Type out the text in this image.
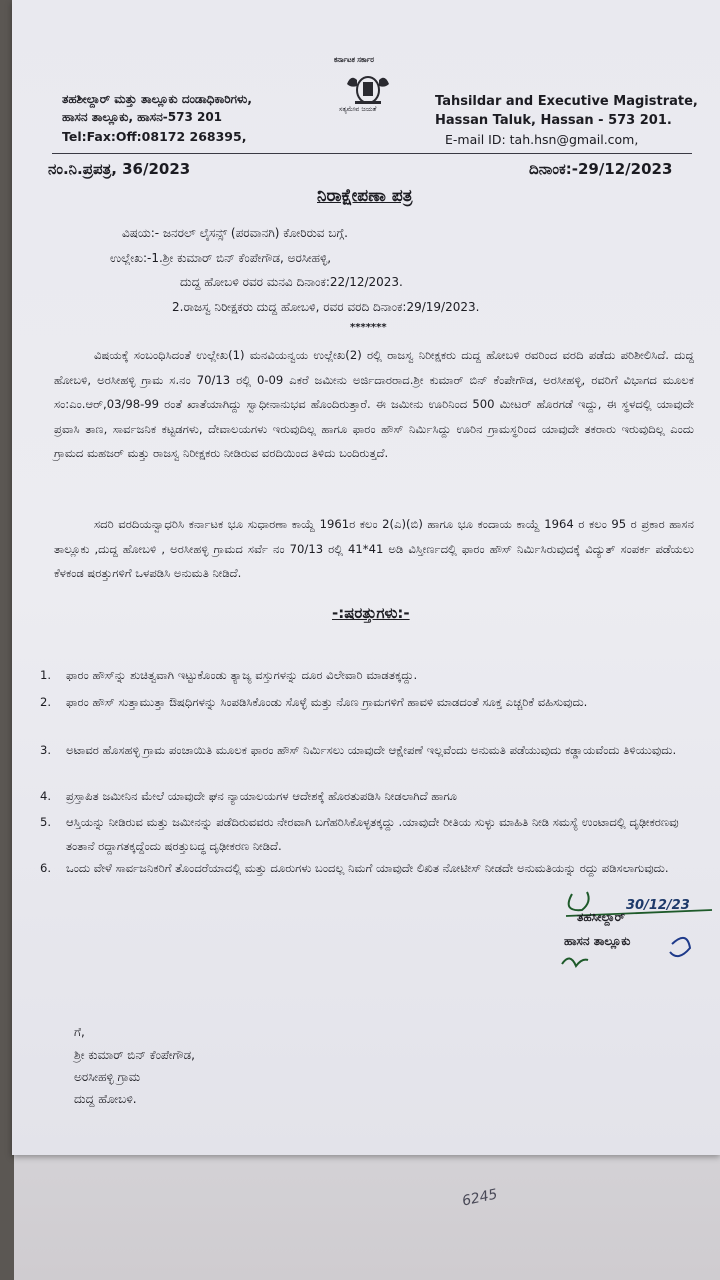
ತಹಶೀಲ್ದಾರ್ ಮತ್ತು ತಾಲ್ಲೂಕು ದಂಡಾಧಿಕಾರಿಗಳು,
ಹಾಸನ ತಾಲ್ಲೂಕು, ಹಾಸನ-573 201
Tel:Fax:Off:08172 268395,
ಕರ್ನಾಟಕ ಸರ್ಕಾರ
ಸತ್ಯಮೇವ ಜಯತೆ	Tahsildar and Executive Magistrate,
Hassan Taluk, Hassan - 573 201.
E-mail ID: tah.hsn@gmail.com,
ನಂ.ನಿ.ಪ್ರಪತ್ರ, 36/2023	ದಿನಾಂಕ:-29/12/2023
ನಿರಾಕ್ಷೇಪಣಾ ಪತ್ರ
ವಿಷಯ:- ಜನರಲ್ ಲೈಸನ್ಸ್ (ಪರವಾನಗಿ) ಕೋರಿರುವ ಬಗ್ಗೆ.
ಉಲ್ಲೇಖ:-1.ಶ್ರೀ ಕುಮಾರ್ ಬಿನ್ ಕೆಂಪೇಗೌಡ, ಅರಸೀಹಳ್ಳಿ,
ದುದ್ದ ಹೋಬಳಿ ರವರ ಮನವಿ ದಿನಾಂಕ:22/12/2023.
2.ರಾಜಸ್ವ ನಿರೀಕ್ಷಕರು ದುದ್ದ ಹೋಬಳಿ, ರವರ ವರದಿ ದಿನಾಂಕ:29/19/2023.
*******
ವಿಷಯಕ್ಕೆ ಸಂಬಂಧಿಸಿದಂತೆ ಉಲ್ಲೇಖ(1) ಮನವಿಯನ್ವಯ ಉಲ್ಲೇಖ(2) ರಲ್ಲಿ ರಾಜಸ್ವ ನಿರೀಕ್ಷಕರು ದುದ್ದ ಹೋಬಳಿ ರವರಿಂದ ವರದಿ ಪಡೆದು ಪರಿಶೀಲಿಸಿದೆ. ದುದ್ದ ಹೋಬಳಿ, ಅರಸೀಹಳ್ಳಿ ಗ್ರಾಮ ಸ.ನಂ 70/13 ರಲ್ಲಿ 0-09 ಎಕರೆ ಜಮೀನು ಅರ್ಜಿದಾರರಾದ.ಶ್ರೀ ಕುಮಾರ್ ಬಿನ್ ಕೆಂಪೇಗೌಡ, ಅರಸೀಹಳ್ಳಿ, ರವರಿಗೆ ವಿಭಾಗದ ಮೂಲಕ ಸಂ:ಎಂ.ಆರ್,03/98-99 ರಂತೆ ಖಾತೆಯಾಗಿದ್ದು ಸ್ವಾಧೀನಾನುಭವ ಹೊಂದಿರುತ್ತಾರೆ. ಈ ಜಮೀನು ಊರಿನಿಂದ 500 ಮೀಟರ್ ಹೊರಗಡೆ ಇದ್ದು, ಈ ಸ್ಥಳದಲ್ಲಿ ಯಾವುದೇ ಪ್ರವಾಸಿ ತಾಣ, ಸಾರ್ವಜನಿಕ ಕಟ್ಟಡಗಳು, ದೇವಾಲಯಗಳು ಇರುವುದಿಲ್ಲ ಹಾಗೂ ಫಾರಂ ಹೌಸ್ ನಿರ್ಮಿಸಿದ್ದು ಊರಿನ ಗ್ರಾಮಸ್ಥರಿಂದ ಯಾವುದೇ ತಕರಾರು ಇರುವುದಿಲ್ಲ ಎಂದು ಗ್ರಾಮದ ಮಹಜರ್ ಮತ್ತು ರಾಜಸ್ವ ನಿರೀಕ್ಷಕರು ನೀಡಿರುವ ವರದಿಯಿಂದ ತಿಳಿದು ಬಂದಿರುತ್ತದೆ.
ಸದರಿ ವರದಿಯನ್ವಾಧರಿಸಿ ಕರ್ನಾಟಕ ಭೂ ಸುಧಾರಣಾ ಕಾಯ್ದೆ 1961ರ ಕಲಂ 2(ಎ)(ಬಿ) ಹಾಗೂ ಭೂ ಕಂದಾಯ ಕಾಯ್ದೆ 1964 ರ ಕಲಂ 95 ರ ಪ್ರಕಾರ ಹಾಸನ ತಾಲ್ಲೂಕು ,ದುದ್ದ ಹೋಬಳಿ , ಅರಸೀಹಳ್ಳಿ ಗ್ರಾಮದ ಸರ್ವೆ ನಂ 70/13 ರಲ್ಲಿ 41*41 ಅಡಿ ವಿಸ್ತೀರ್ಣದಲ್ಲಿ ಫಾರಂ ಹೌಸ್ ನಿರ್ಮಿಸಿರುವುದಕ್ಕೆ ವಿದ್ಯುತ್ ಸಂಪರ್ಕ ಪಡೆಯಲು ಕೆಳಕಂಡ ಷರತ್ತುಗಳಿಗೆ ಒಳಪಡಿಸಿ ಅನುಮತಿ ನೀಡಿದೆ.
-:ಷರತ್ತುಗಳು:-
1. ಫಾರಂ ಹೌಸ್‌ನ್ನು ಶುಚಿತ್ವವಾಗಿ ಇಟ್ಟುಕೊಂಡು ತ್ಯಾಜ್ಯ ವಸ್ತುಗಳನ್ನು ದೂರ ವಿಲೇವಾರಿ ಮಾಡತಕ್ಕದ್ದು.
2. ಫಾರಂ ಹೌಸ್ ಸುತ್ತಾಮುತ್ತಾ ಔಷಧಿಗಳನ್ನು ಸಿಂಪಡಿಸಿಕೊಂಡು ಸೊಳ್ಳೆ ಮತ್ತು ನೊಣ ಗ್ರಾಮಗಳಿಗೆ ಹಾವಳಿ ಮಾಡದಂತೆ ಸೂಕ್ತ ಎಚ್ಚರಿಕೆ ವಹಿಸುವುದು.
3. ಅಟಾವರ ಹೊಸಹಳ್ಳಿ ಗ್ರಾಮ ಪಂಚಾಯಿತಿ ಮೂಲಕ ಫಾರಂ ಹೌಸ್ ನಿರ್ಮಿಸಲು ಯಾವುದೇ ಆಕ್ಷೇಪಣೆ ಇಲ್ಲವೆಂದು ಅನುಮತಿ ಪಡೆಯುವುದು ಕಡ್ಡಾಯವೆಂದು ತಿಳಿಯುವುದು.
4. ಪ್ರಸ್ತಾಪಿತ ಜಮೀನಿನ ಮೇಲೆ ಯಾವುದೇ ಘನ ನ್ಯಾಯಾಲಯಗಳ ಆದೇಶಕ್ಕೆ ಹೊರತುಪಡಿಸಿ ನೀಡಲಾಗಿದೆ ಹಾಗೂ
5. ಆಸ್ತಿಯನ್ನು ನೀಡಿರುವ ಮತ್ತು ಜಮೀನನ್ನು ಪಡೆದಿರುವವರು ನೇರವಾಗಿ ಬಗೆಹರಿಸಿಕೊಳ್ಳತಕ್ಕದ್ದು .ಯಾವುದೇ ರೀತಿಯ ಸುಳ್ಳು ಮಾಹಿತಿ ನೀಡಿ ಸಮಸ್ಯೆ ಉಂಟಾದಲ್ಲಿ ದೃಢೀಕರಣವು ತಂತಾನೆ ರದ್ದಾಗತಕ್ಕದ್ದೆಂದು ಷರತ್ತುಬದ್ಧ ದೃಢೀಕರಣ ನೀಡಿದೆ.
6. ಒಂದು ವೇಳೆ ಸಾರ್ವಜನಿಕರಿಗೆ ತೊಂದರೆಯಾದಲ್ಲಿ ಮತ್ತು ದೂರುಗಳು ಬಂದಲ್ಲ ನಿಮಗೆ ಯಾವುದೇ ಲಿಖಿತ ನೋಟೀಸ್ ನೀಡದೇ ಅನುಮತಿಯನ್ನು ರದ್ದು ಪಡಿಸಲಾಗುವುದು.
30/12/23
ತಹಸೀಲ್ದಾರ್
ಹಾಸನ ತಾಲ್ಲೂಕು
ಗೆ,
ಶ್ರೀ ಕುಮಾರ್ ಬಿನ್ ಕೆಂಪೇಗೌಡ,
ಅರಸೀಹಳ್ಳಿ ಗ್ರಾಮ
ದುದ್ದ ಹೋಬಳಿ.
6245
